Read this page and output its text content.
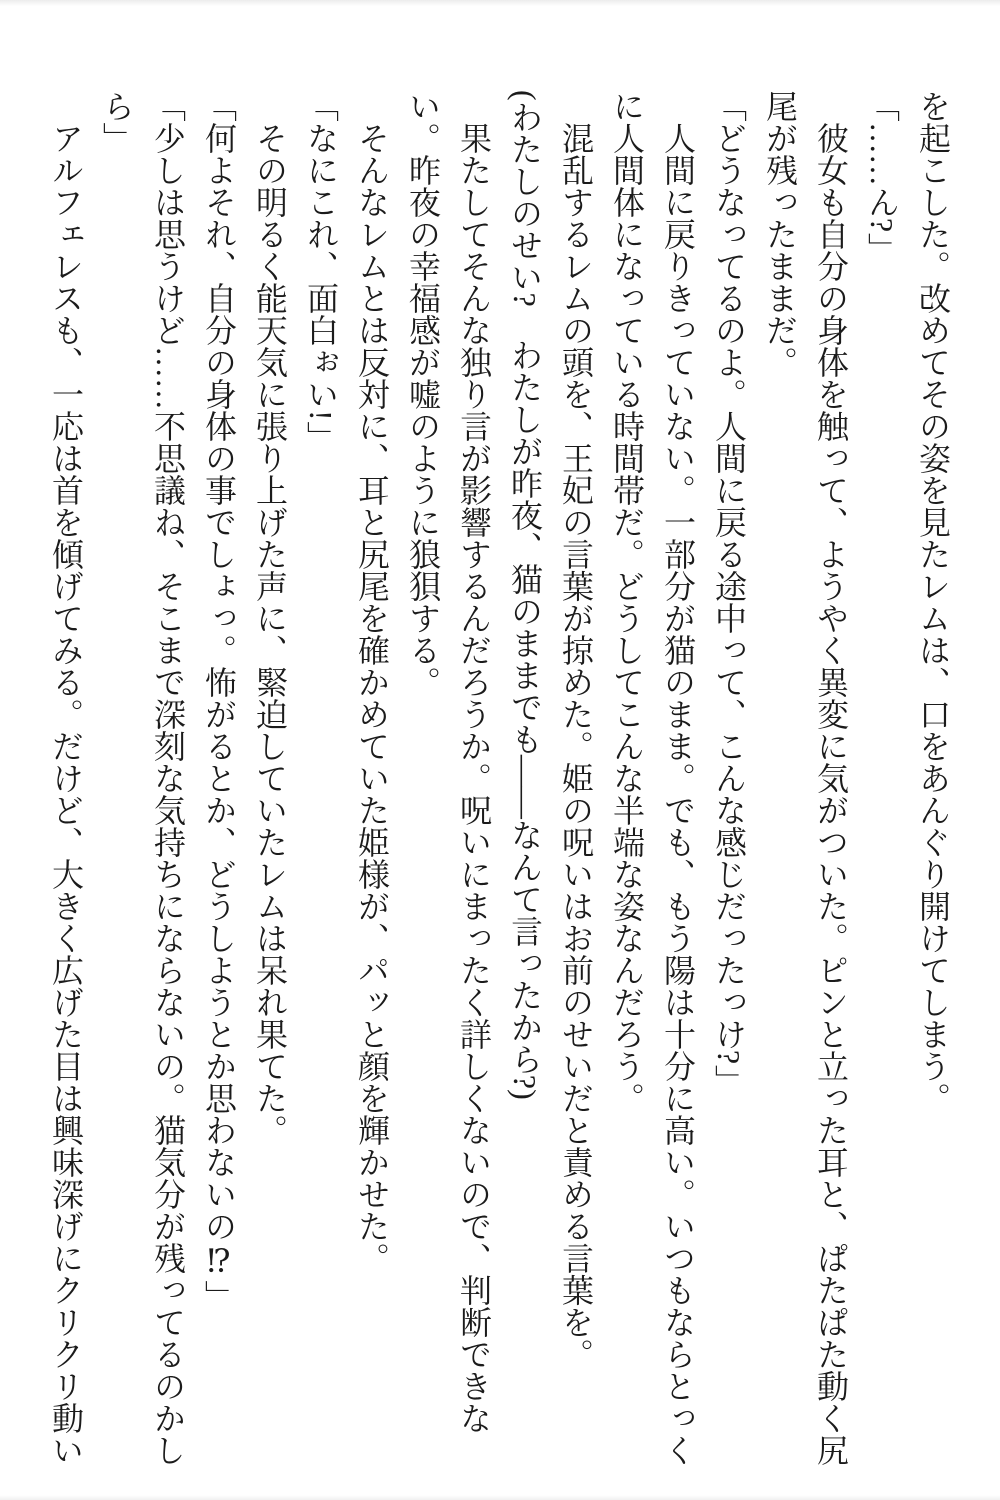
を起こした。改めてその姿を見たレムは、口をあんぐり開けてしまう。

「……ん?」

彼女も自分の身体を触って、ようやく異変に気がついた。ピンと立った耳と、ぱたぱた動く尻尾が残ったままだ。

「どうなってるのよ。人間に戻る途中って、こんな感じだったっけ?」

人間に戻りきっていない。一部分が猫のまま。でも、もう陽は十分に高い。いつもならとっくに人間体になっている時間帯だ。どうしてこんな半端な姿なんだろう。

混乱するレムの頭を、王妃の言葉が掠めた。姫の呪いはお前のせいだと責める言葉を。

(わたしのせい?　わたしが昨夜、猫のままでも——なんて言ったから?)

果たしてそんな独り言が影響するんだろうか。呪いにまったく詳しくないので、判断できない。昨夜の幸福感が嘘のように狼狽する。

そんなレムとは反対に、耳と尻尾を確かめていた姫様が、パッと顔を輝かせた。

「なにこれ、面白ぉい!」

その明るく能天気に張り上げた声に、緊迫していたレムは呆れ果てた。

「何よそれ、自分の身体の事でしょっ。怖がるとか、どうしようとか思わないの⁉」

「少しは思うけど……不思議ね、そこまで深刻な気持ちにならないの。猫気分が残ってるのかしら」

アルフェレスも、一応は首を傾げてみる。だけど、大きく広げた目は興味深げにクリクリ動い
